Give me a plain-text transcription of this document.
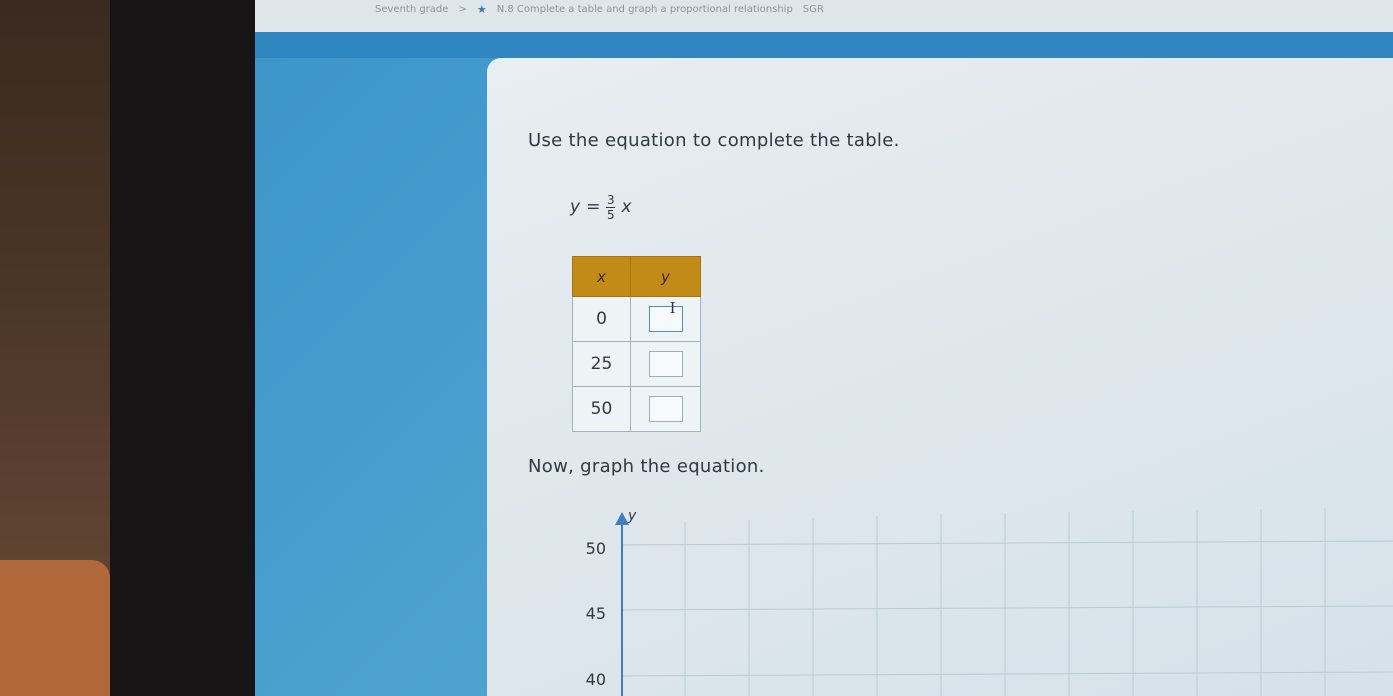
Seventh grade > ★ N.8 Complete a table and graph a proportional relationship SGR
Use the equation to complete the table.
$y = \frac{3}{5}$ x
x	y
0	I

25	
50	
Now, graph the equation.
y
50
45
40
